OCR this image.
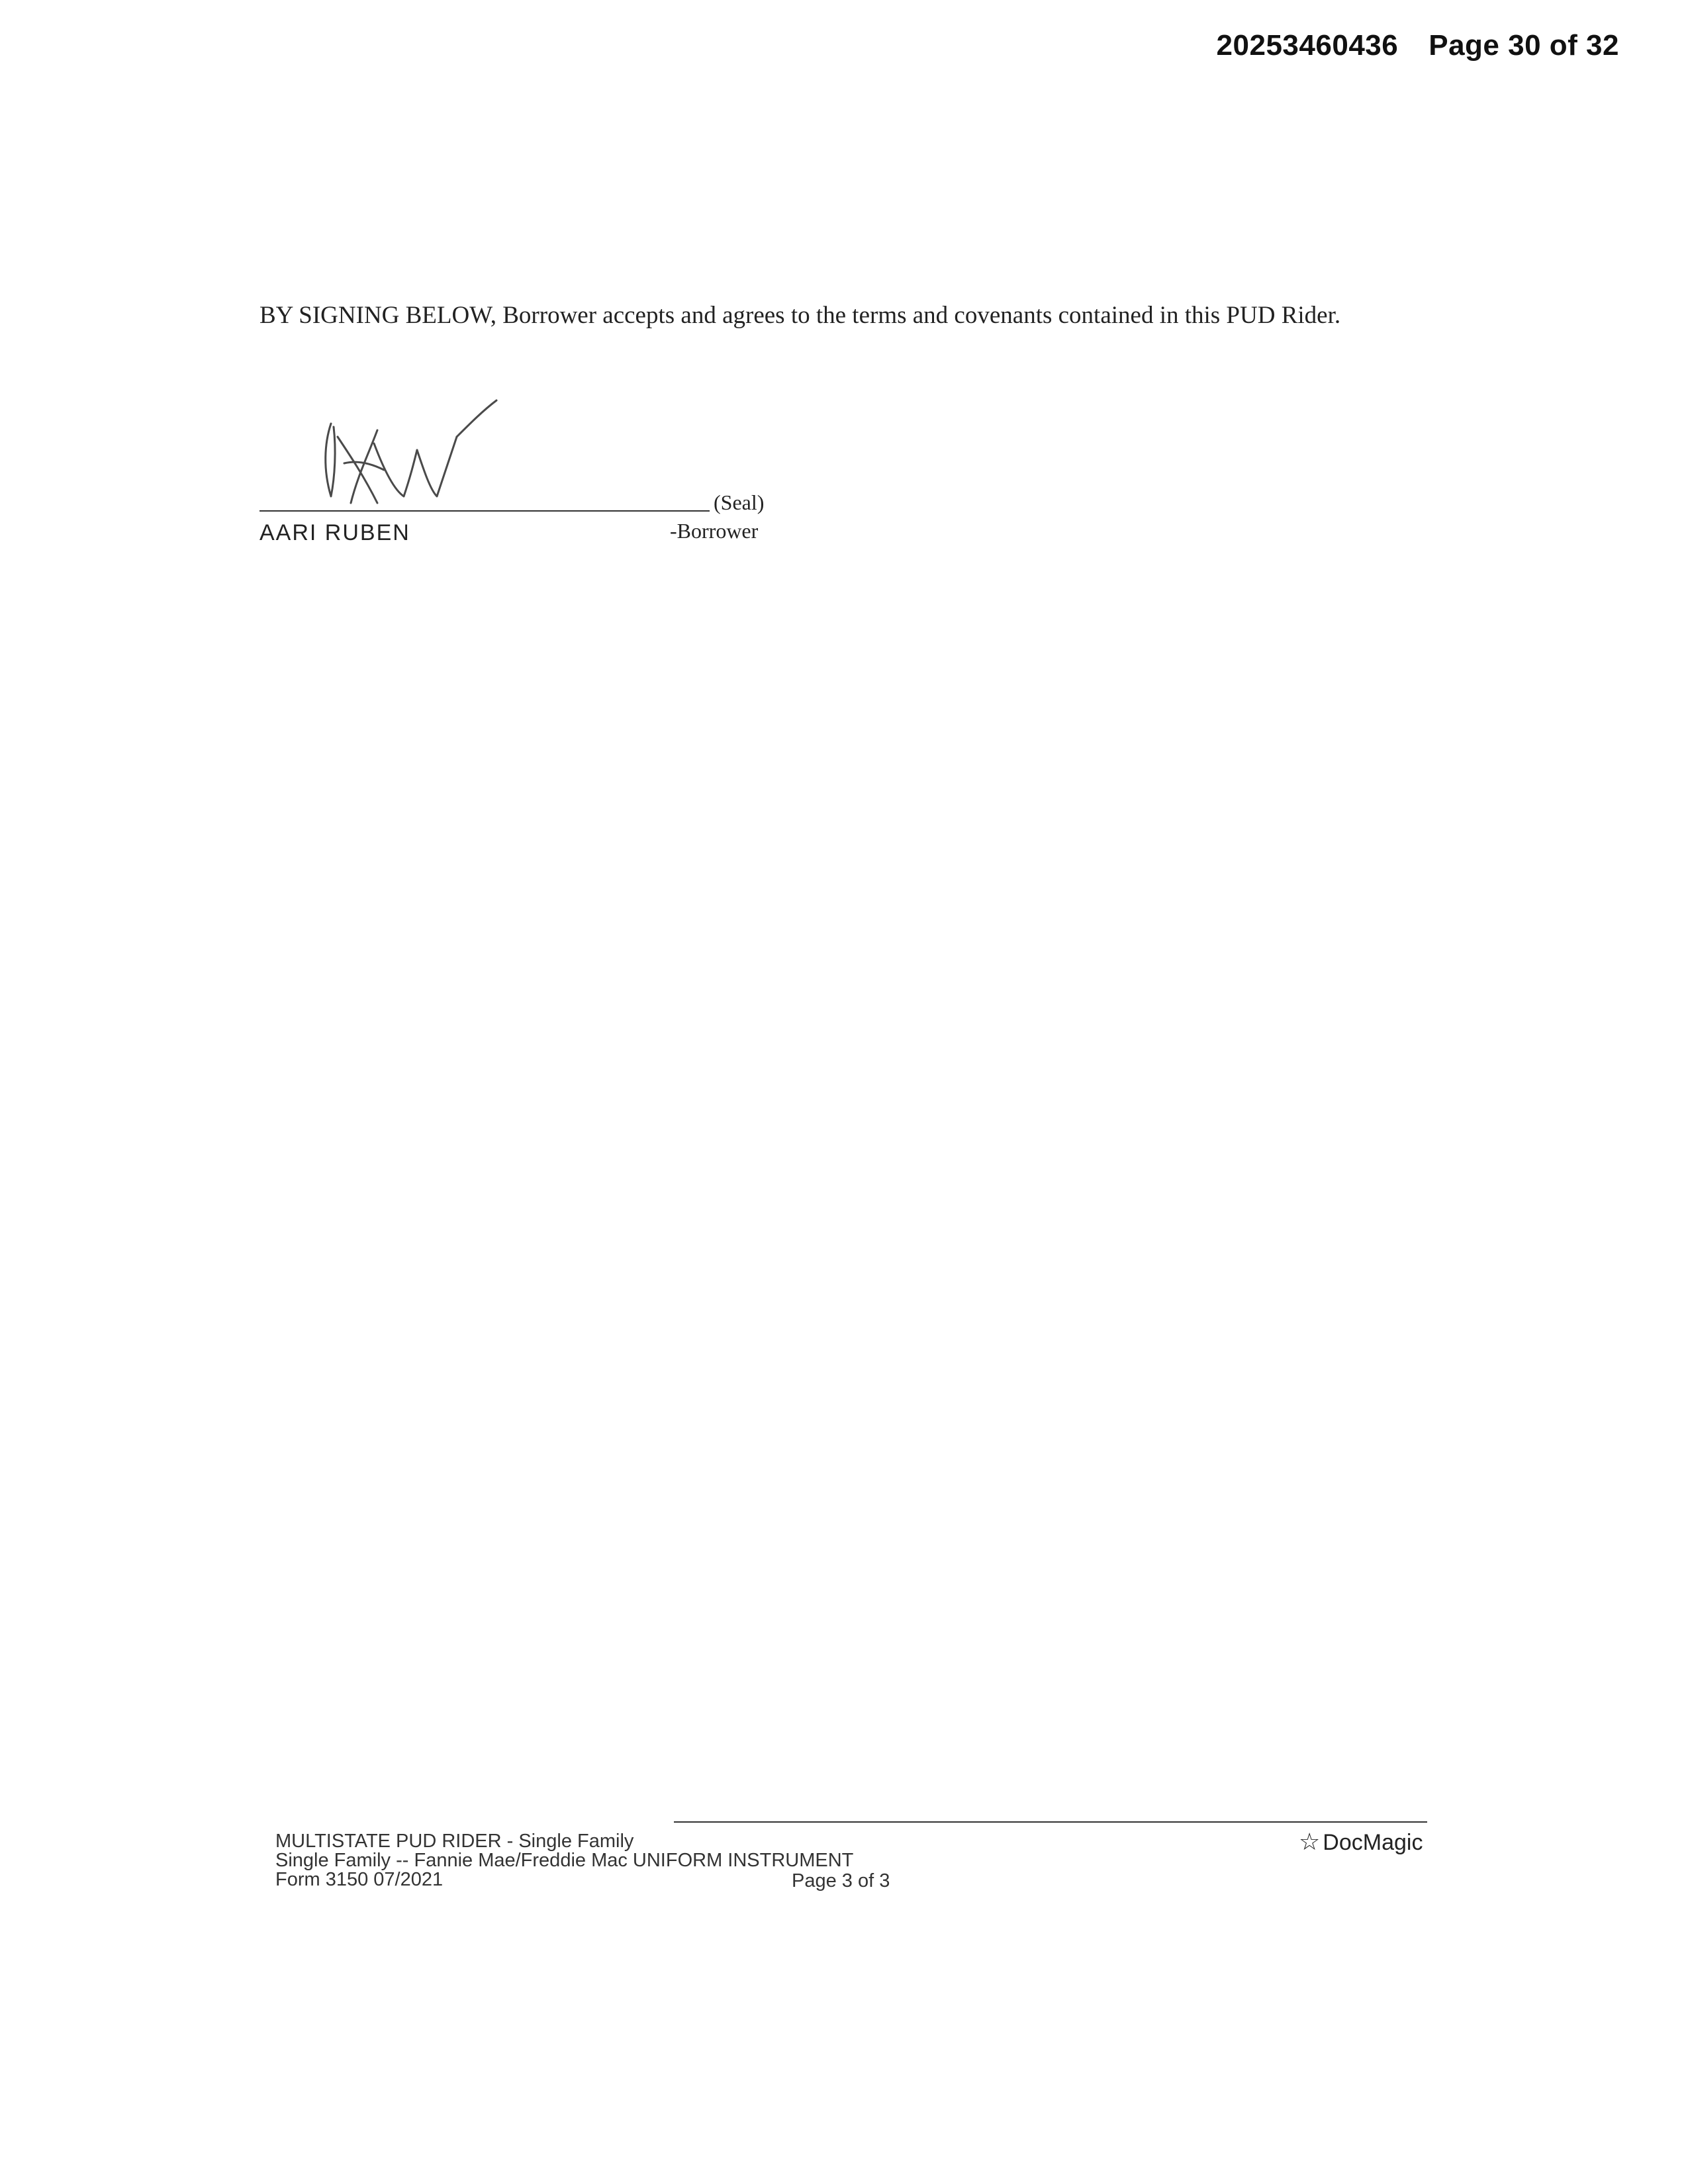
20253460436 Page 30 of 32

BY SIGNING BELOW, Borrower accepts and agrees to the terms and covenants contained in this PUD Rider.

(Seal)
AARI RUBEN	-Borrower
MULTISTATE PUD RIDER - Single Family
Single Family -- Fannie Mae/Freddie Mac UNIFORM INSTRUMENT
Form 3150 07/2021	Page 3 of 3
☆ DocMagic
